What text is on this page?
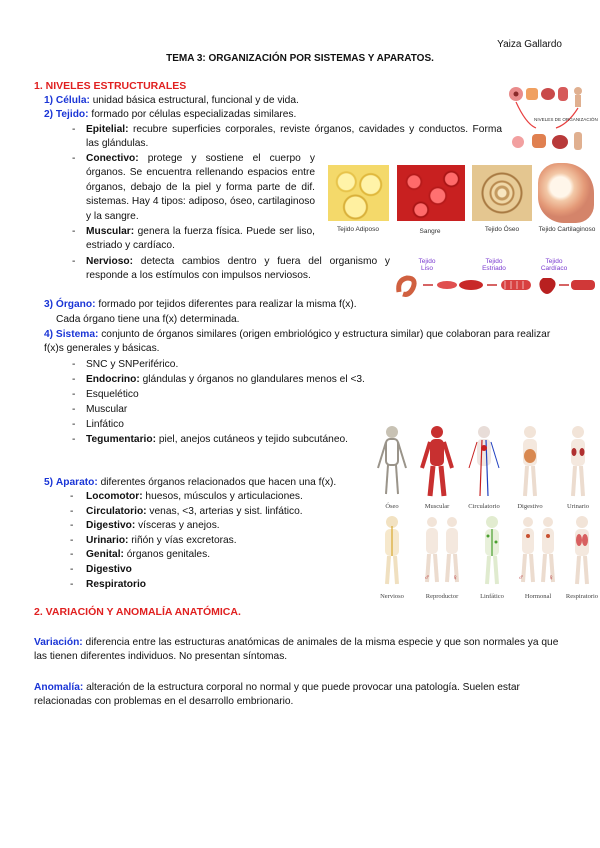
Yaiza Gallardo
TEMA 3: ORGANIZACIÓN POR SISTEMAS Y APARATOS.
1. NIVELES ESTRUCTURALES
1) Célula: unidad básica estructural, funcional y de vida.
2) Tejido: formado por células especializadas similares.
- Epitelial: recubre superficies corporales, reviste órganos, cavidades y conductos. Forma las glándulas.
- Conectivo: protege y sostiene el cuerpo y órganos. Se encuentra rellenando espacios entre órganos, debajo de la piel y forma parte de dif. sistemas. Hay 4 tipos: adiposo, óseo, cartilaginoso y la sangre.
- Muscular: genera la fuerza física. Puede ser liso, estriado y cardíaco.
- Nervioso: detecta cambios dentro y fuera del organismo y responde a los estímulos con impulsos nerviosos.
3) Órgano: formado por tejidos diferentes para realizar la misma f(x).
Cada órgano tiene una f(x) determinada.
4) Sistema: conjunto de órganos similares (origen embriológico y estructura similar) que colaboran para realizar f(x)s generales y básicas.
- SNC y SNPeriférico.
- Endocrino: glándulas y órganos no glandulares menos el <3.
- Esquelético
- Muscular
- Linfático
- Tegumentario: piel, anejos cutáneos y tejido subcutáneo.
5) Aparato: diferentes órganos relacionados que hacen una f(x).
- Locomotor: huesos, músculos y articulaciones.
- Circulatorio: venas, <3, arterias y sist. linfático.
- Digestivo: vísceras y anejos.
- Urinario: riñón y vías excretoras.
- Genital: órganos genitales.
- Digestivo
- Respiratorio
2. VARIACIÓN Y ANOMALÍA ANATÓMICA.
Variación: diferencia entre las estructuras anatómicas de animales de la misma especie y que son normales ya que las tienen diferentes individuos. No presentan síntomas.
Anomalía: alteración de la estructura corporal no normal y que puede provocar una patología. Suelen estar relacionadas con problemas en el desarrollo embrionario.
NIVELES DE ORGANIZACIÓN
Tejido Adiposo	Sangre	Tejido Óseo	Tejido Cartilaginoso
Tejido Liso
Tejido Estriado
Tejido Cardíaco
Óseo	Muscular	Circulatorio	Digestivo	Urinario
♂	♀	♂	♀
Nervioso	Reproductor	Linfático	Hormonal Respiratorio
